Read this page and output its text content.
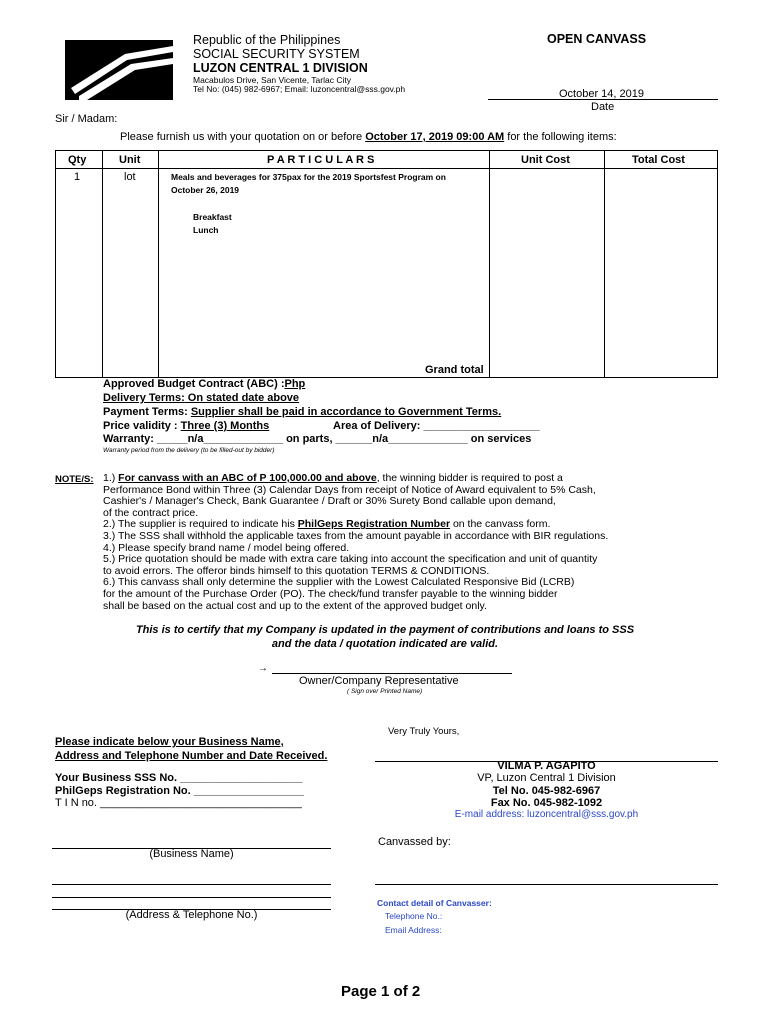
Republic of the Philippines
SOCIAL SECURITY SYSTEM
LUZON CENTRAL 1 DIVISION
Macabulos Drive, San Vicente, Tarlac City
Tel No: (045) 982-6967; Email: luzoncentral@sss.gov.ph
OPEN CANVASS
October 14, 2019
Date
Sir / Madam:
Please furnish us with your quotation on or before October 17, 2019 09:00 AM for the following items:
Qty	Unit	P A R T I C U L A R S	Unit Cost	Total Cost
1	lot	Meals and beverages for 375pax for the 2019 Sportsfest Program on
October 26, 2019
Breakfast
Lunch
Grand total
Approved Budget Contract (ABC) :Php
Delivery Terms: On stated date above
Payment Terms: Supplier shall be paid in accordance to Government Terms.
Price validity : Three (3) Months	Area of Delivery: ___________________
Warranty: _____n/a_____________ on parts, ______n/a_____________ on services
Warranty period from the delivery (to be filled-out by bidder)
NOTE/S: 1.) For canvass with an ABC of P 100,000.00 and above, the winning bidder is required to post a

Performance Bond within Three (3) Calendar Days from receipt of Notice of Award equivalent to 5% Cash,

Cashier's / Manager's Check, Bank Guarantee / Draft or 30% Surety Bond callable upon demand,

of the contract price.

2.) The supplier is required to indicate his PhilGeps Registration Number on the canvass form.

3.) The SSS shall withhold the applicable taxes from the amount payable in accordance with BIR regulations.

4.) Please specify brand name / model being offered.

5.) Price quotation should be made with extra care taking into account the specification and unit of quantity

to avoid errors. The offeror binds himself to this quotation TERMS & CONDITIONS.

6.) This canvass shall only determine the supplier with the Lowest Calculated Responsive Bid (LCRB)

for the amount of the Purchase Order (PO). The check/fund transfer payable to the winning bidder

shall be based on the actual cost and up to the extent of the approved budget only.

This is to certify that my Company is updated in the payment of contributions and loans to SSS
and the data / quotation indicated are valid.
→
Owner/Company Representative
( Sign over Printed Name)
Very Truly Yours,
Please indicate below your Business Name,
Address and Telephone Number and Date Received.
VILMA P. AGAPITO
VP, Luzon Central 1 Division
Tel No. 045-982-6967
Fax No. 045-982-1092
E-mail address: luzoncentral@sss.gov.ph
Your Business SSS No. ____________________
PhilGeps Registration No. __________________
T I N no. _________________________________
Canvassed by:
(Business Name)
(Address & Telephone No.)
Contact detail of Canvasser:
Telephone No.:
Email Address:
Page 1 of 2
